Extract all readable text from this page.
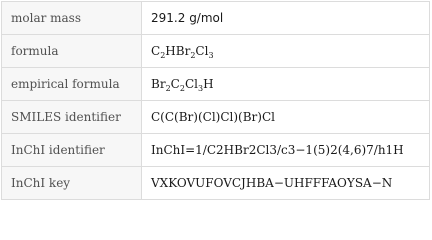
molar mass	291.2 g/mol
formula	$C_2HBr_2Cl_3$
empirical formula	$Br_2C_2Cl_3H$
SMILES identifier	C(C(Br)(Cl)Cl)(Br)Cl
InChI identifier	InChI=1/C2HBr2Cl3/c3−1(5)2(4,6)7/h1H
InChI key	VXKOVUFOVCJHBA−UHFFFAOYSA−N
